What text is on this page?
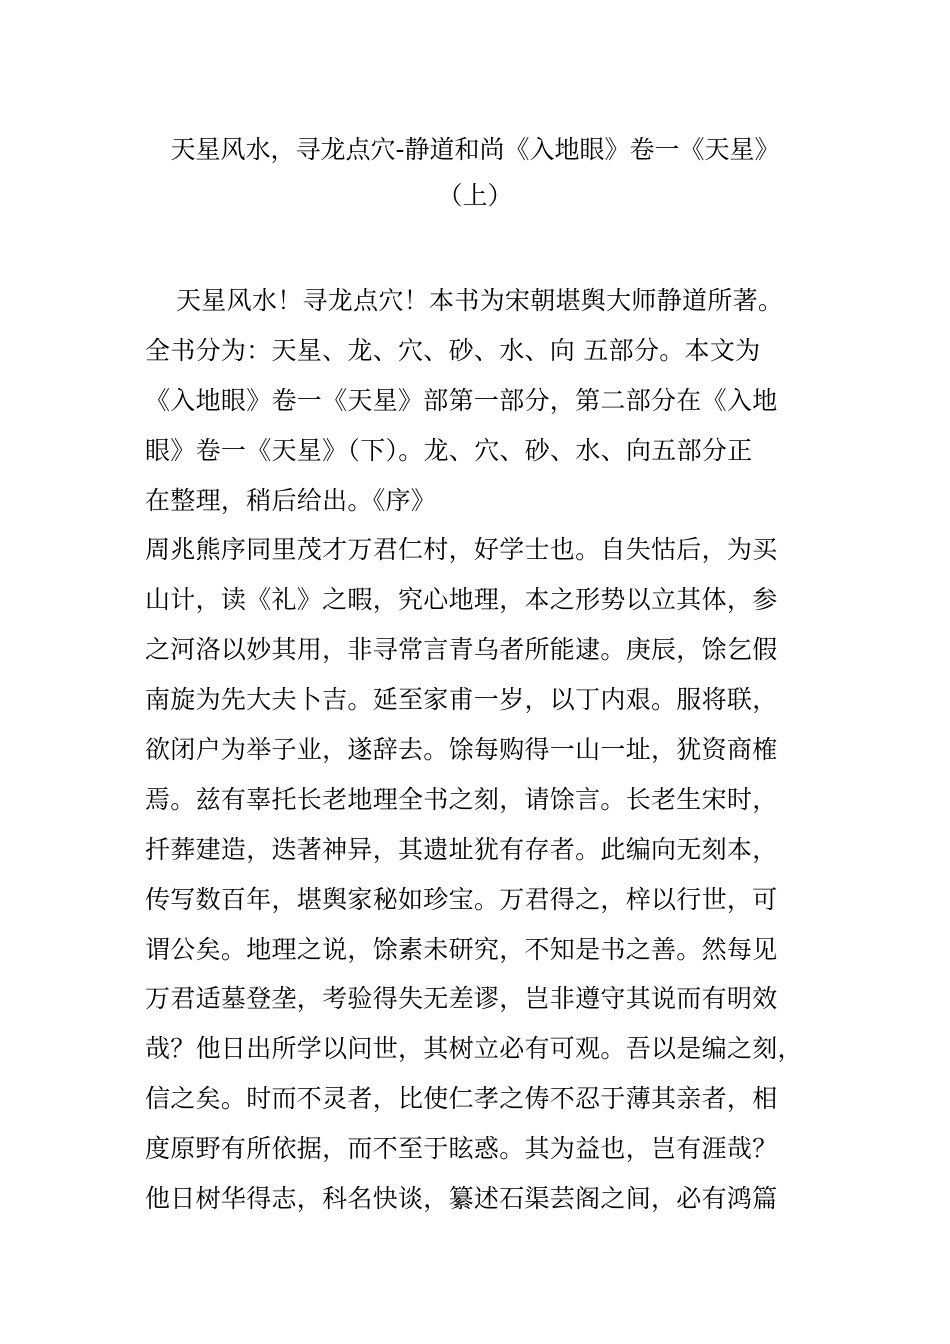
天星风水，寻龙点穴-静道和尚《入地眼》卷一《天星》
（上）
天星风水！寻龙点穴！本书为宋朝堪舆大师静道所著。
全书分为：天星、龙、穴、砂、水、向 五部分。本文为
《入地眼》卷一《天星》部第一部分，第二部分在《入地
眼》卷一《天星》（下）。龙、穴、砂、水、向五部分正
在整理，稍后给出。《序》
周兆熊序同里茂才万君仁村，好学士也。自失怙后，为买
山计，读《礼》之暇，究心地理，本之形势以立其体，参
之河洛以妙其用，非寻常言青乌者所能逮。庚辰，馀乞假
南旋为先大夫卜吉。延至家甫一岁，以丁内艰。服将联，
欲闭户为举子业，遂辞去。馀每购得一山一址，犹资商榷
焉。兹有辜托长老地理全书之刻，请馀言。长老生宋时，
扦葬建造，迭著神异，其遗址犹有存者。此编向无刻本，
传写数百年，堪舆家秘如珍宝。万君得之，梓以行世，可
谓公矣。地理之说，馀素未研究，不知是书之善。然每见
万君适墓登垄，考验得失无差谬，岂非遵守其说而有明效
哉？他日出所学以问世，其树立必有可观。吾以是编之刻，
信之矣。时而不灵者，比使仁孝之俦不忍于薄其亲者，相
度原野有所依据，而不至于眩惑。其为益也，岂有涯哉？
他日树华得志，科名快谈，纂述石渠芸阁之间，必有鸿篇
